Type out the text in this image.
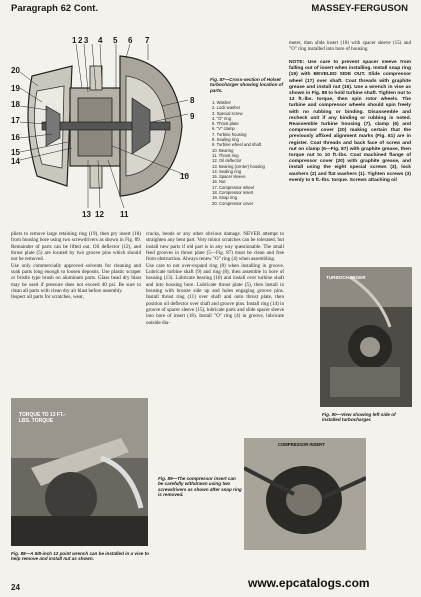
Paragraph 62 Cont.	MASSEY-FERGUSON
123 4 5 6 7
20
19
18
17
16
15
14
8
9
10
13 12 11
Fig. 87—Cross-section of Holset turbocharger showing location of parts.
1. Washer
2. Lock washer
3. Special screw
4. "O" ring
5. Thrust plate
6. "V" clamp
7. Turbine housing
8. Sealing ring
9. Turbine wheel and shaft
10. Bearing
11. Thrust ring
12. Oil deflector
13. Bearing (center) housing
14. Sealing ring
15. Spacer sleeve
16. Nut
17. Compressor wheel
18. Compressor insert
19. Snap ring
20. Compressor cover
meter, then slide insert (18) with spacer sleeve (15) and "O" ring installed into bore of housing.
NOTE: Use care to prevent spacer sleeve from falling out of insert when installing. Install snap ring (19) with BEVELED SIDE OUT. Slide compressor wheel (17) over shaft. Coat threads with graphite grease and install nut (16). Use a wrench in vise as shown in Fig. 88 to hold turbine shaft. Tighten nut to 13 ft.-lbs. torque, then spin rotor wheels. The turbine and compressor wheels should spin freely with no rubbing or binding. Disassemble and recheck unit if any binding or rubbing is noted. Reassemble turbine housing (7), clamp (6) and compressor cover (20) making certain that the previously affixed alignment marks (Fig. 81) are in register. Coat threads and back face of screw and nut on clamp (6—Fig. 87) with graphite grease, then torque nut to 10 ft.-lbs. Coat machined flange of compressor cover (20) with graphite grease, and install using the eight special screws (3), lock washers (2) and flat washers (1). Tighten screws (3) evenly to 5 ft.-lbs. torque. Screws attaching oil
pliers to remove large retaining ring (19), then pry insert (18) from housing bore using two screwdrivers as shown in Fig. 89. Remainder of parts can be lifted out. Oil deflector (12), and thrust plate (5) are located by two groove pins which should not be removed.
Use only commercially approved solvents for cleaning and soak parts long enough to loosen deposits. Use plastic scraper or bristle type brush on aluminum parts. Glass bead dry blast may be used if pressure does not exceed 40 psi. Be sure to clean all parts with clean dry air blast before assembly.
Inspect all parts for scratches, wear,
cracks, bends or any other obvious damage. NEVER attempt to straighten any bent part. Very minor scratches can be tolerated, but install new parts if old part is in any way questionable. The small feed grooves in thrust plate (5—Fig. 87) must be clean and free from obstruction. Always renew "O" ring (4) when assembling.
Use care to not over-expand ring (8) when installing in groove. Lubricate turbine shaft (9) and ring (8), then assemble in bore of housing (13). Lubricate bearing (10) and install over turbine shaft and into housing bore. Lubricate thrust plate (5), then install in housing with bronze side up and holes engaging groove pins. Install thrust ring (11) over shaft and onto thrust plate, then position oil deflector over shaft and groove pins. Install ring (14) in groove of spacer sleeve (15), lubricate parts and slide spacer sleeve into bore of insert (18). Install "O" ring (4) in groove, lubricate outside dia-
TORQUE TO 13 FT.-LBS. TORQUE
Fig. 88—A 5/8-inch 12 point wrench can be installed in a vise to help remove and install nut as shown.
COMPRESSOR INSERT
Fig. 89—The compressor insert can be carefully withdrawn using two screwdrivers as shown after snap ring is removed.
TURBOCHARGER
Fig. 90—View showing left side of installed turbocharger.
24	www.epcatalogs.com
